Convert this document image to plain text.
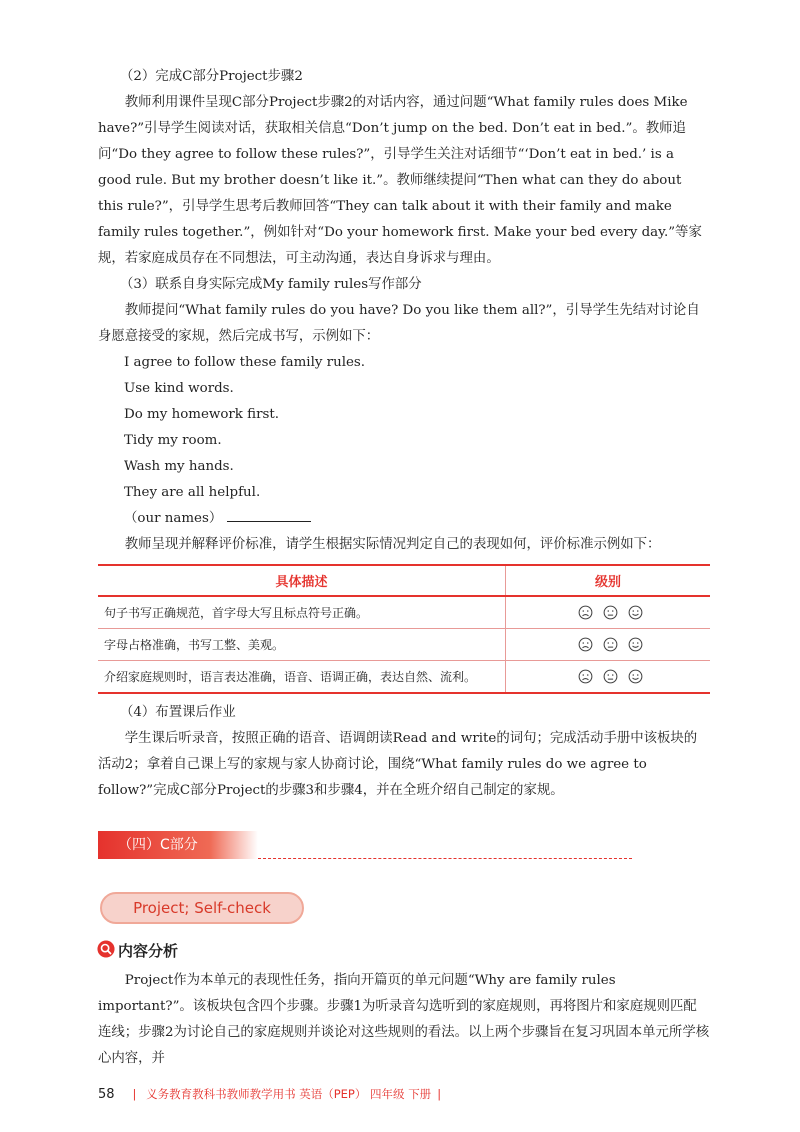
（2）完成C部分Project步骤2

教师利用课件呈现C部分Project步骤2的对话内容，通过问题“What family rules does Mike have?”引导学生阅读对话，获取相关信息“Don’t jump on the bed. Don’t eat in bed.”。教师追问“Do they agree to follow these rules?”，引导学生关注对话细节“‘Don’t eat in bed.’ is a good rule. But my brother doesn’t like it.”。教师继续提问“Then what can they do about this rule?”，引导学生思考后教师回答“They can talk about it with their family and make family rules together.”，例如针对“Do your homework first. Make your bed every day.”等家规，若家庭成员存在不同想法，可主动沟通，表达自身诉求与理由。

（3）联系自身实际完成My family rules写作部分

教师提问“What family rules do you have? Do you like them all?”，引导学生先结对讨论自身愿意接受的家规，然后完成书写，示例如下：

I agree to follow these family rules.

Use kind words.

Do my homework first.

Tidy my room.

Wash my hands.

They are all helpful.

（our names）

教师呈现并解释评价标准，请学生根据实际情况判定自己的表现如何，评价标准示例如下：

具体描述	级别
句子书写正确规范，首字母大写且标点符号正确。	
字母占格准确，书写工整、美观。	
介绍家庭规则时，语言表达准确，语音、语调正确，表达自然、流利。	

（4）布置课后作业

学生课后听录音，按照正确的语音、语调朗读Read and write的词句；完成活动手册中该板块的活动2；拿着自己课上写的家规与家人协商讨论，围绕“What family rules do we agree to follow?”完成C部分Project的步骤3和步骤4，并在全班介绍自己制定的家规。

（四）C部分
Project; Self-check
内容分析

Project作为本单元的表现性任务，指向开篇页的单元问题“Why are family rules important?”。该板块包含四个步骤。步骤1为听录音勾选听到的家庭规则，再将图片和家庭规则匹配连线；步骤2为讨论自己的家庭规则并谈论对这些规则的看法。以上两个步骤旨在复习巩固本单元所学核心内容，并

58 | 义务教育教科书教师教学用书 英语（PEP） 四年级 下册 |
